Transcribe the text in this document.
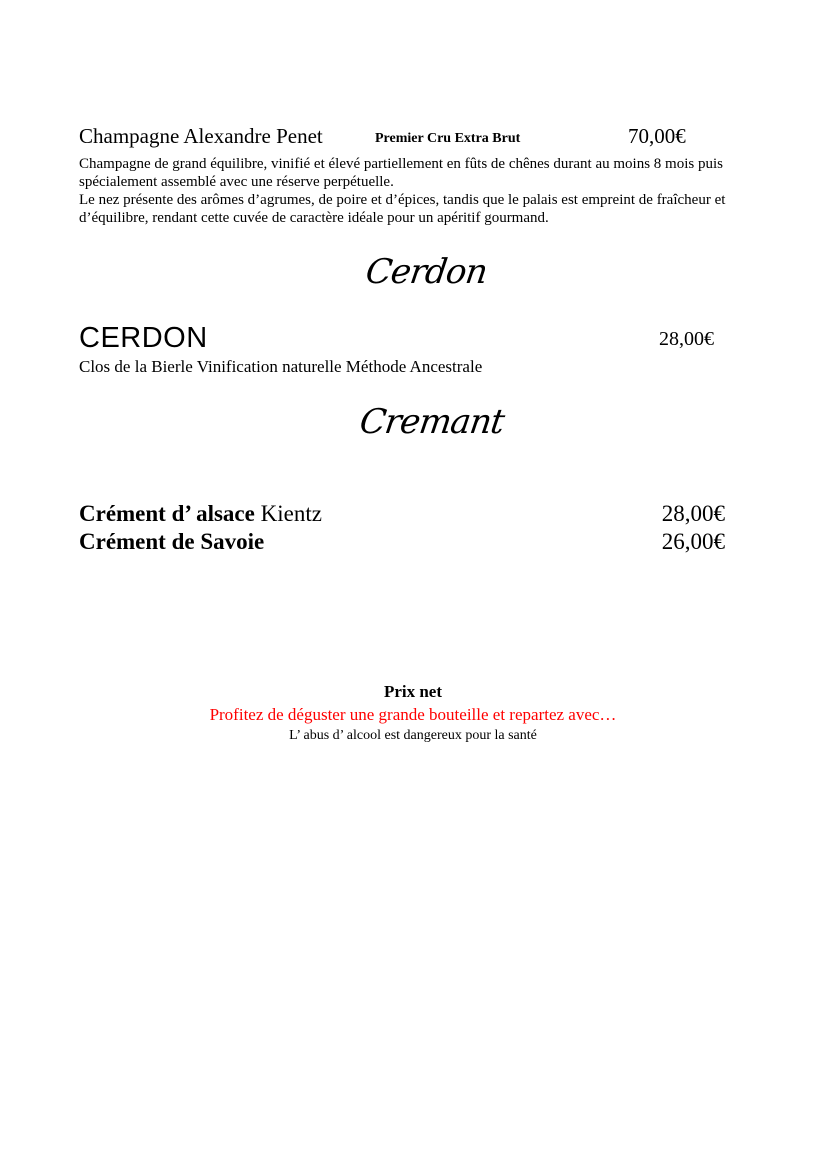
Champagne Alexandre Penet	Premier Cru Extra Brut	70,00€

Champagne de grand équilibre, vinifié et élevé partiellement en fûts de chênes durant au moins 8 mois puis spécialement assemblé avec une réserve perpétuelle.

Le nez présente des arômes d’agrumes, de poire et d’épices, tandis que le palais est empreint de fraîcheur et d’équilibre, rendant cette cuvée de caractère idéale pour un apéritif gourmand.

Cerdon
CERDON	28,00€
Clos de la Bierle Vinification naturelle Méthode Ancestrale
Cremant
Crément d’ alsace Kientz	28,00€
Crément de Savoie	26,00€
Prix net
Profitez de déguster une grande bouteille et repartez avec…
L’ abus d’ alcool est dangereux pour la santé
